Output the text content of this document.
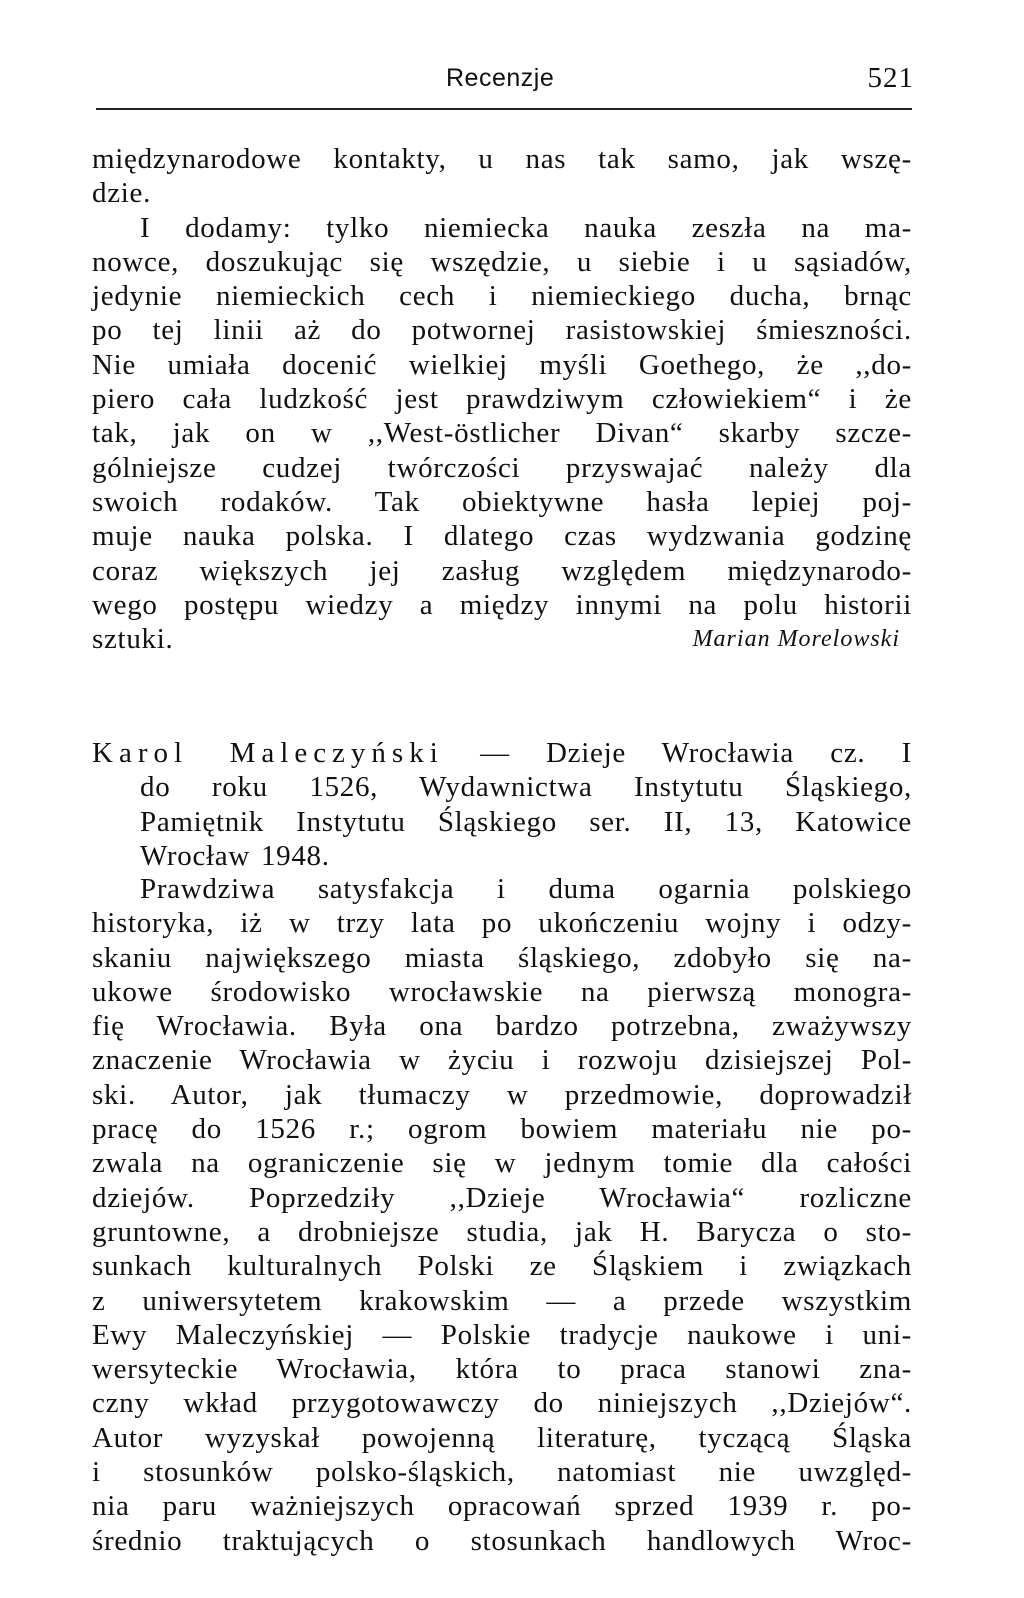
Recenzje	521
międzynarodowe kontakty, u nas tak samo, jak wszę-
dzie.
I dodamy: tylko niemiecka nauka zeszła na ma-
nowce, doszukując się wszędzie, u siebie i u sąsiadów,
jedynie niemieckich cech i niemieckiego ducha, brnąc
po tej linii aż do potwornej rasistowskiej śmieszności.
Nie umiała docenić wielkiej myśli Goethego, że ,,do-
piero cała ludzkość jest prawdziwym człowiekiem“ i że
tak, jak on w ,,West-östlicher Divan“ skarby szcze-
gólniejsze cudzej twórczości przyswajać należy dla
swoich rodaków. Tak obiektywne hasła lepiej poj-
muje nauka polska. I dlatego czas wydzwania godzinę
coraz większych jej zasług względem międzynarodo-
wego postępu wiedzy a między innymi na polu historii
sztuki.	Marian Morelowski
Karol Maleczyński — Dzieje Wrocławia cz. I
do roku 1526, Wydawnictwa Instytutu Śląskiego,
Pamiętnik Instytutu Śląskiego ser. II, 13, Katowice
Wrocław 1948.
Prawdziwa satysfakcja i duma ogarnia polskiego
historyka, iż w trzy lata po ukończeniu wojny i odzy-
skaniu największego miasta śląskiego, zdobyło się na-
ukowe środowisko wrocławskie na pierwszą monogra-
fię Wrocławia. Była ona bardzo potrzebna, zważywszy
znaczenie Wrocławia w życiu i rozwoju dzisiejszej Pol-
ski. Autor, jak tłumaczy w przedmowie, doprowadził
pracę do 1526 r.; ogrom bowiem materiału nie po-
zwala na ograniczenie się w jednym tomie dla całości
dziejów. Poprzedziły ,,Dzieje Wrocławia“ rozliczne
gruntowne, a drobniejsze studia, jak H. Barycza o sto-
sunkach kulturalnych Polski ze Śląskiem i związkach
z uniwersytetem krakowskim — a przede wszystkim
Ewy Maleczyńskiej — Polskie tradycje naukowe i uni-
wersyteckie Wrocławia, która to praca stanowi zna-
czny wkład przygotowawczy do niniejszych ,,Dziejów“.
Autor wyzyskał powojenną literaturę, tyczącą Śląska
i stosunków polsko-śląskich, natomiast nie uwzględ-
nia paru ważniejszych opracowań sprzed 1939 r. po-
średnio traktujących o stosunkach handlowych Wroc-
